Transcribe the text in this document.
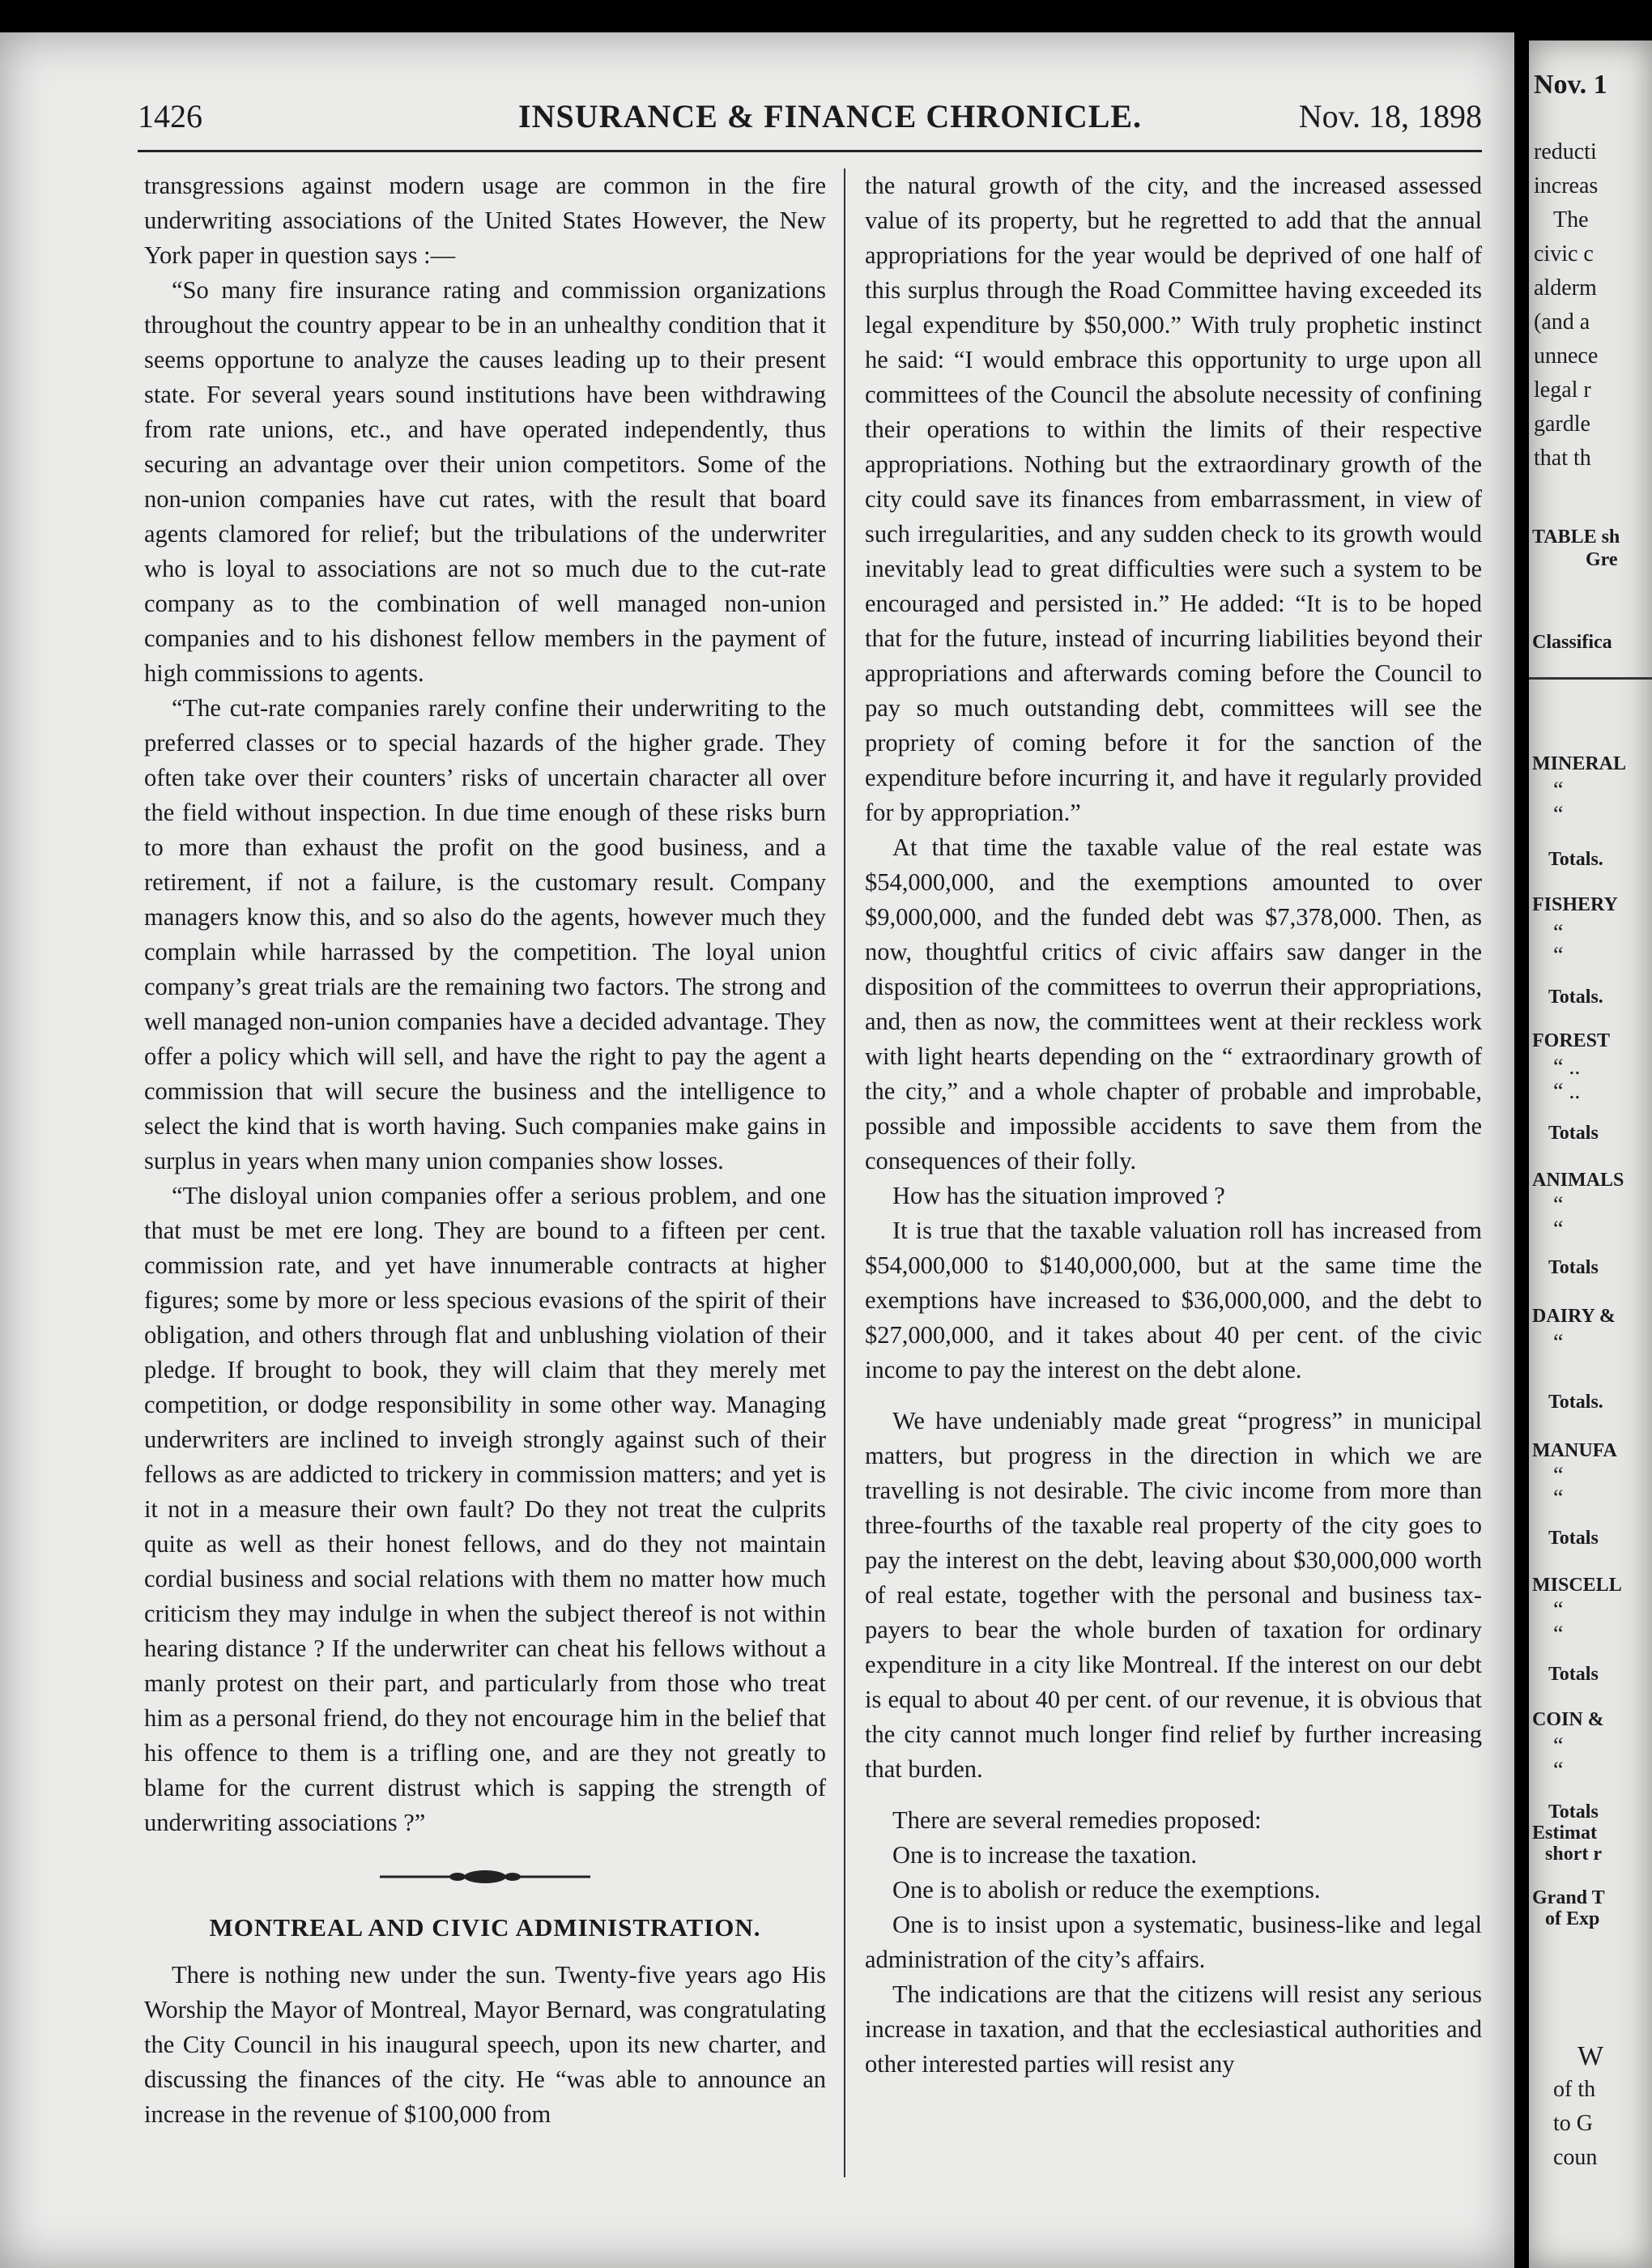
1426	INSURANCE & FINANCE CHRONICLE.	Nov. 18, 1898

transgressions against modern usage are common in the fire underwriting associations of the United States However, the New York paper in question says :—

“So many fire insurance rating and commission organizations throughout the country appear to be in an unhealthy condition that it seems opportune to analyze the causes leading up to their present state. For several years sound institutions have been withdrawing from rate unions, etc., and have operated independently, thus securing an advantage over their union competitors. Some of the non-union companies have cut rates, with the result that board agents clamored for relief; but the tribulations of the underwriter who is loyal to associations are not so much due to the cut-rate company as to the combination of well managed non-union companies and to his dishonest fellow members in the payment of high commissions to agents.

“The cut-rate companies rarely confine their underwriting to the preferred classes or to special hazards of the higher grade. They often take over their counters’ risks of uncertain character all over the field without inspection. In due time enough of these risks burn to more than exhaust the profit on the good business, and a retirement, if not a failure, is the customary result. Company managers know this, and so also do the agents, however much they complain while harrassed by the competition. The loyal union company’s great trials are the remaining two factors. The strong and well managed non-union companies have a decided advantage. They offer a policy which will sell, and have the right to pay the agent a commission that will secure the business and the intelligence to select the kind that is worth having. Such companies make gains in surplus in years when many union companies show losses.

“The disloyal union companies offer a serious problem, and one that must be met ere long. They are bound to a fifteen per cent. commission rate, and yet have innumerable contracts at higher figures; some by more or less specious evasions of the spirit of their obligation, and others through flat and unblushing violation of their pledge. If brought to book, they will claim that they merely met competition, or dodge responsibility in some other way. Managing underwriters are inclined to inveigh strongly against such of their fellows as are addicted to trickery in commission matters; and yet is it not in a measure their own fault? Do they not treat the culprits quite as well as their honest fellows, and do they not maintain cordial business and social relations with them no matter how much criticism they may indulge in when the subject thereof is not within hearing distance ? If the underwriter can cheat his fellows without a manly protest on their part, and particularly from those who treat him as a personal friend, do they not encourage him in the belief that his offence to them is a trifling one, and are they not greatly to blame for the current distrust which is sapping the strength of underwriting associations ?”

MONTREAL AND CIVIC ADMINISTRATION.

There is nothing new under the sun. Twenty-five years ago His Worship the Mayor of Montreal, Mayor Bernard, was congratulating the City Council in his inaugural speech, upon its new charter, and discussing the finances of the city. He “was able to announce an increase in the revenue of $100,000 from

the natural growth of the city, and the increased assessed value of its property, but he regretted to add that the annual appropriations for the year would be deprived of one half of this surplus through the Road Committee having exceeded its legal expenditure by $50,000.” With truly prophetic instinct he said: “I would embrace this opportunity to urge upon all committees of the Council the absolute necessity of confining their operations to within the limits of their respective appropriations. Nothing but the extraordinary growth of the city could save its finances from embarrassment, in view of such irregularities, and any sudden check to its growth would inevitably lead to great difficulties were such a system to be encouraged and persisted in.” He added: “It is to be hoped that for the future, instead of incurring liabilities beyond their appropriations and afterwards coming before the Council to pay so much outstanding debt, committees will see the propriety of coming before it for the sanction of the expenditure before incurring it, and have it regularly provided for by appropriation.”

At that time the taxable value of the real estate was $54,000,000, and the exemptions amounted to over $9,000,000, and the funded debt was $7,378,000. Then, as now, thoughtful critics of civic affairs saw danger in the disposition of the committees to overrun their appropriations, and, then as now, the committees went at their reckless work with light hearts depending on the “ extraordinary growth of the city,” and a whole chapter of probable and improbable, possible and impossible accidents to save them from the consequences of their folly.

How has the situation improved ?

It is true that the taxable valuation roll has increased from $54,000,000 to $140,000,000, but at the same time the exemptions have increased to $36,000,000, and the debt to $27,000,000, and it takes about 40 per cent. of the civic income to pay the interest on the debt alone.

We have undeniably made great “progress” in municipal matters, but progress in the direction in which we are travelling is not desirable. The civic income from more than three-fourths of the taxable real property of the city goes to pay the interest on the debt, leaving about $30,000,000 worth of real estate, together with the personal and business tax-payers to bear the whole burden of taxation for ordinary expenditure in a city like Montreal. If the interest on our debt is equal to about 40 per cent. of our revenue, it is obvious that the city cannot much longer find relief by further increasing that burden.

There are several remedies proposed:

One is to increase the taxation.

One is to abolish or reduce the exemptions.

One is to insist upon a systematic, business-like and legal administration of the city’s affairs.

The indications are that the citizens will resist any serious increase in taxation, and that the ecclesiastical authorities and other interested parties will resist any

Nov. 1
reducti
increas
The
civic c
alderm
(and a
unnece
legal r
gardle
that th
TABLE sh
Gre
Classifica
MINERAL
“
“
Totals.
FISHERY
“
“
Totals.
FOREST
“ ..
“ ..
Totals
ANIMALS
“
“
Totals
DAIRY &
“
Totals.
MANUFA
“
“
Totals
MISCELL
“
“
Totals
COIN &
“
“
Totals
Estimat
short r
Grand T
of Exp
W
of th
to G
coun
